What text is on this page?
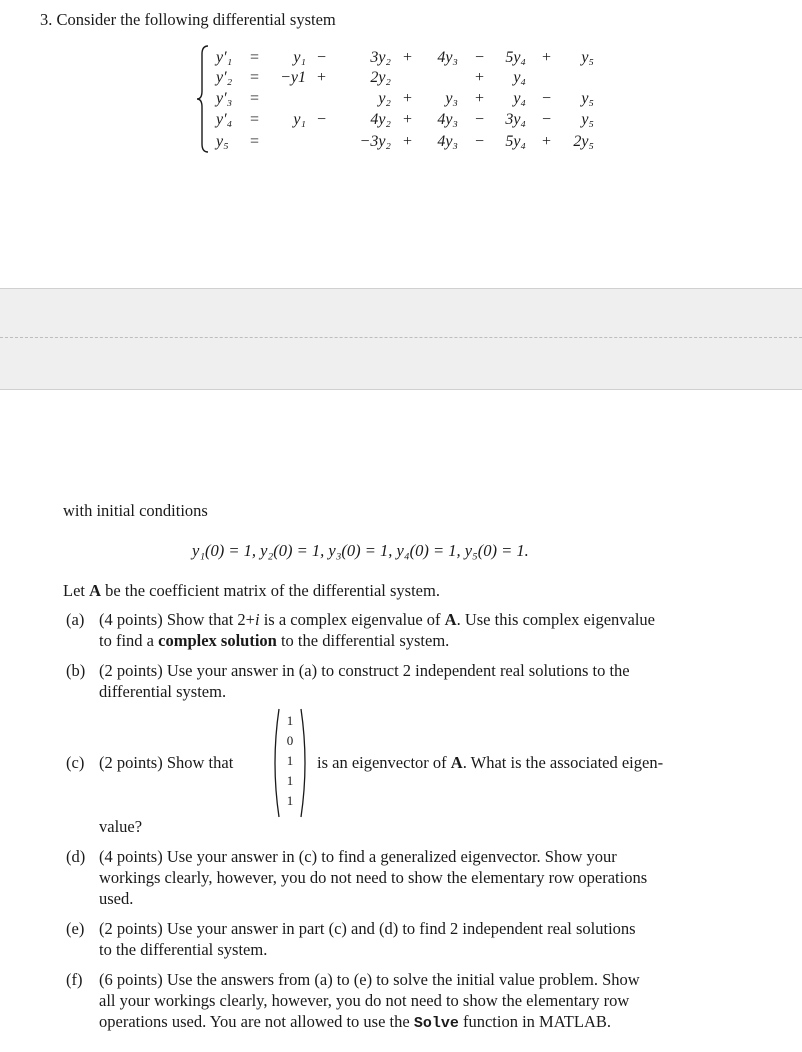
3. Consider the following differential system
y′₁ = y₁ −	3y₂ + 4y₃ − 5y₄ + y₅
y′₂ = −y1 +	2y₂	+ y₄
y′₃ =	y₂ + y₃ + y₄ − y₅
y′₄ = y₁ −	4y₂ + 4y₃ − 3y₄ − y₅
y₅ =	−3y₂ + 4y₃ − 5y₄ + 2y₅
with initial conditions
y₁(0) = 1, y₂(0) = 1, y₃(0) = 1, y₄(0) = 1, y₅(0) = 1.
Let A be the coefficient matrix of the differential system.
(a) (4 points) Show that 2+i is a complex eigenvalue of A. Use this complex eigenvalue
to find a complex solution to the differential system.
(b) (2 points) Use your answer in (a) to construct 2 independent real solutions to the
differential system.
(c) (2 points) Show that
1
0
1
1
1
is an eigenvector of A. What is the associated eigen-
value?
(d) (4 points) Use your answer in (c) to find a generalized eigenvector. Show your
workings clearly, however, you do not need to show the elementary row operations
used.
(e) (2 points) Use your answer in part (c) and (d) to find 2 independent real solutions
to the differential system.
(f) (6 points) Use the answers from (a) to (e) to solve the initial value problem. Show
all your workings clearly, however, you do not need to show the elementary row
operations used. You are not allowed to use the Solve function in MATLAB.
